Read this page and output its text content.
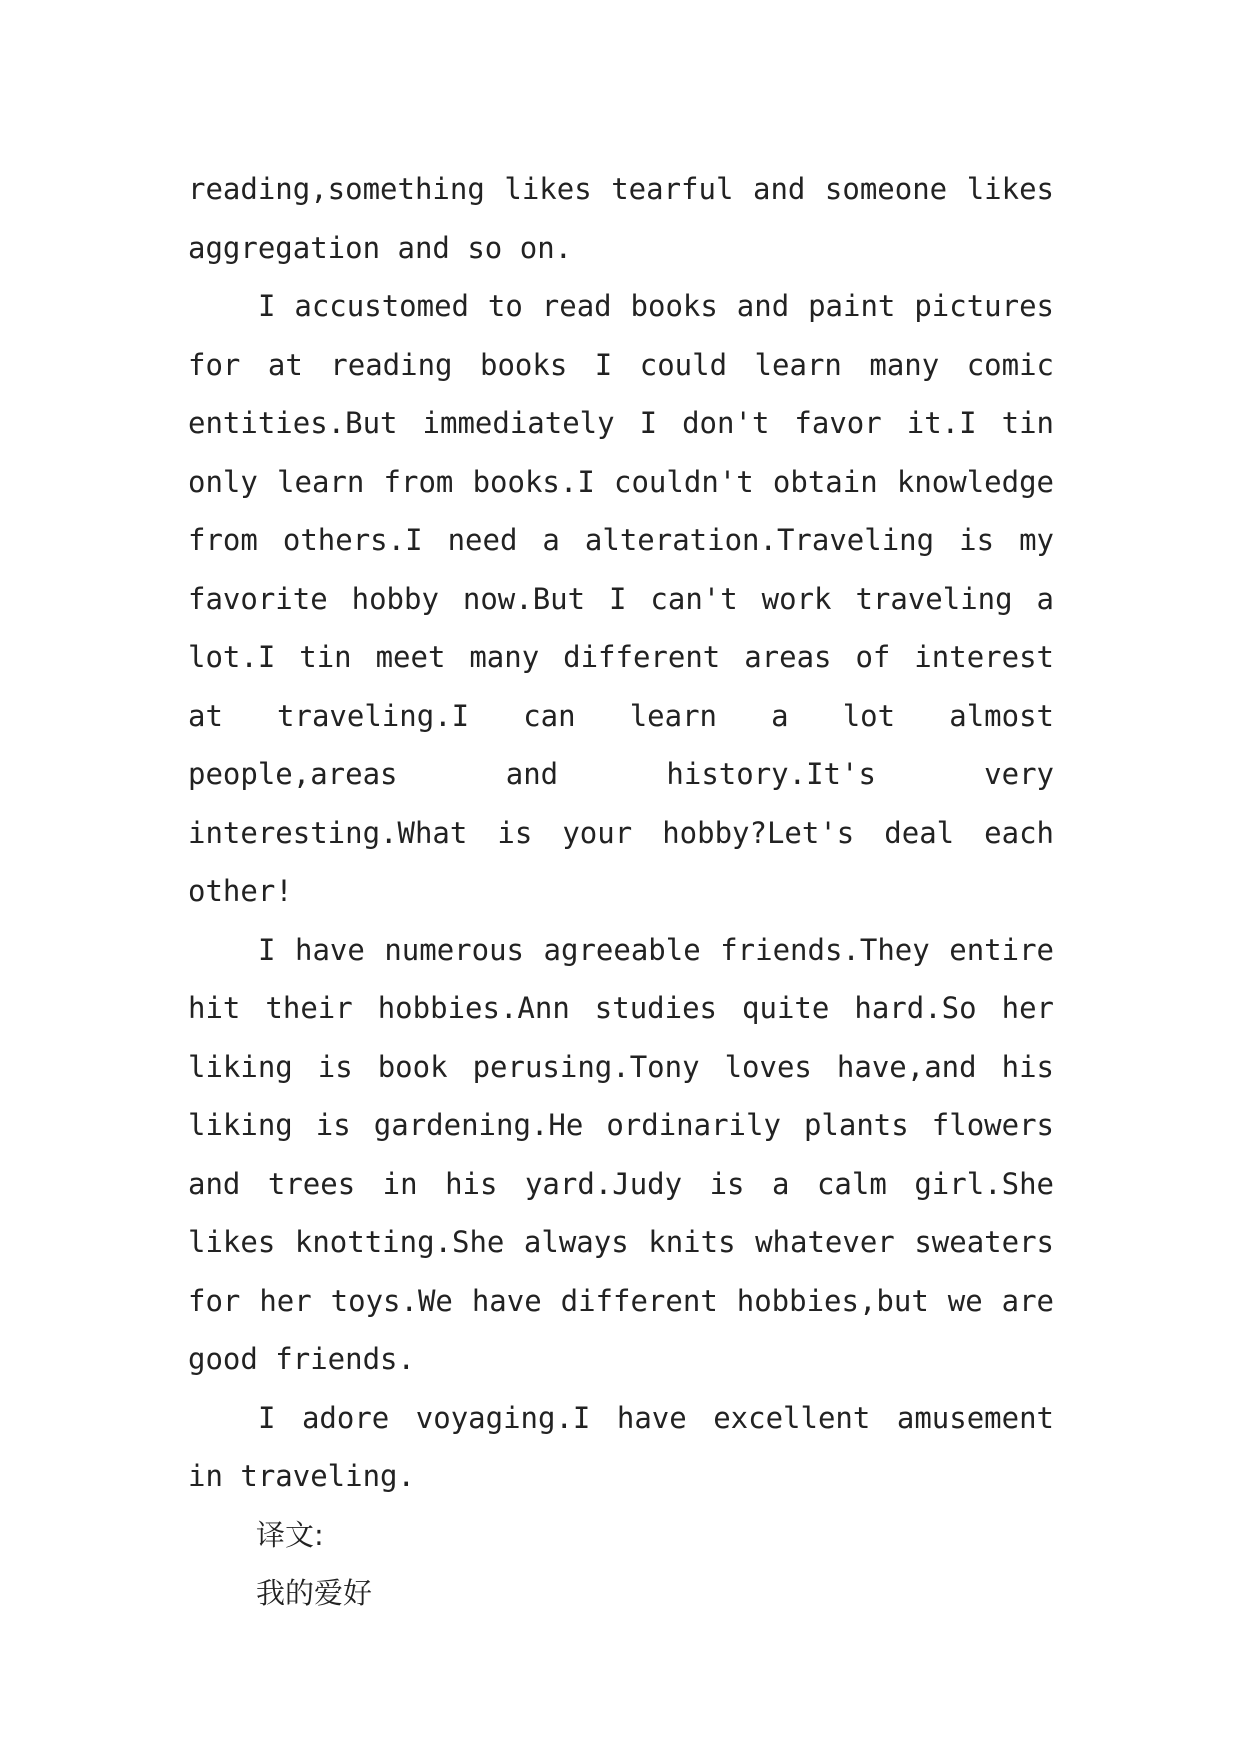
reading,something likes tearful and someone likes aggregation and so on.

I accustomed to read books and paint pictures for at reading books I could learn many comic entities.But immediately I don't favor it.I tin only learn from books.I couldn't obtain knowledge from others.I need a alteration.Traveling is my favorite hobby now.But I can't work traveling a lot.I tin meet many different areas of interest at traveling.I can learn a lot almost people,areas and history.It's very interesting.What is your hobby?Let's deal each other!

I have numerous agreeable friends.They entire hit their hobbies.Ann studies quite hard.So her liking is book perusing.Tony loves have,and his liking is gardening.He ordinarily plants flowers and trees in his yard.Judy is a calm girl.She likes knotting.She always knits whatever sweaters for her toys.We have different hobbies,but we are good friends.

I adore voyaging.I have excellent amusement in traveling.

译文:

我的爱好
